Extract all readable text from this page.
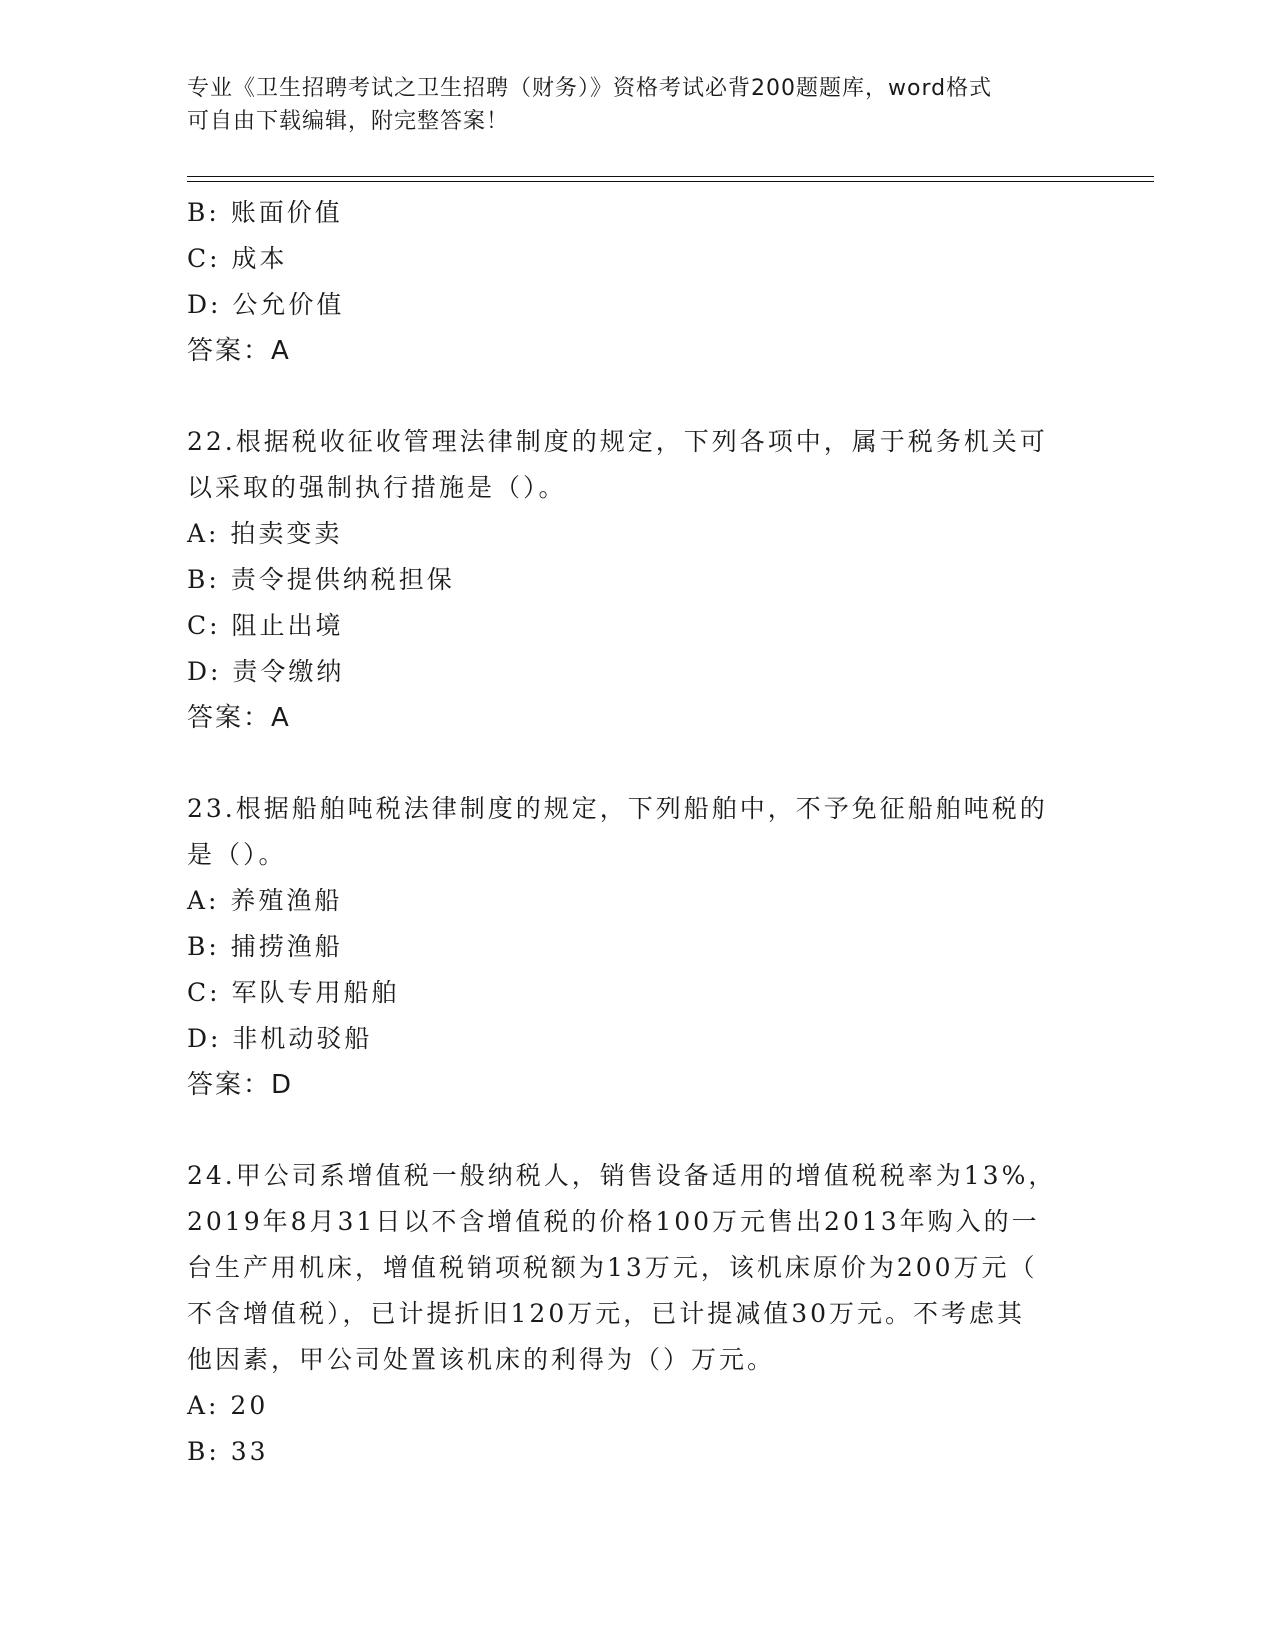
专业《卫生招聘考试之卫生招聘（财务）》资格考试必背200题题库，word格式
可自由下载编辑，附完整答案！
B: 账面价值
C: 成本
D: 公允价值
答案：A
22.根据税收征收管理法律制度的规定，下列各项中，属于税务机关可
以采取的强制执行措施是（）。
A: 拍卖变卖
B: 责令提供纳税担保
C: 阻止出境
D: 责令缴纳
答案：A
23.根据船舶吨税法律制度的规定，下列船舶中，不予免征船舶吨税的
是（）。
A: 养殖渔船
B: 捕捞渔船
C: 军队专用船舶
D: 非机动驳船
答案：D
24.甲公司系增值税一般纳税人，销售设备适用的增值税税率为13%，
2019年8月31日以不含增值税的价格100万元售出2013年购入的一
台生产用机床，增值税销项税额为13万元，该机床原价为200万元（
不含增值税），已计提折旧120万元，已计提减值30万元。不考虑其
他因素，甲公司处置该机床的利得为（）万元。
A: 20
B: 33
